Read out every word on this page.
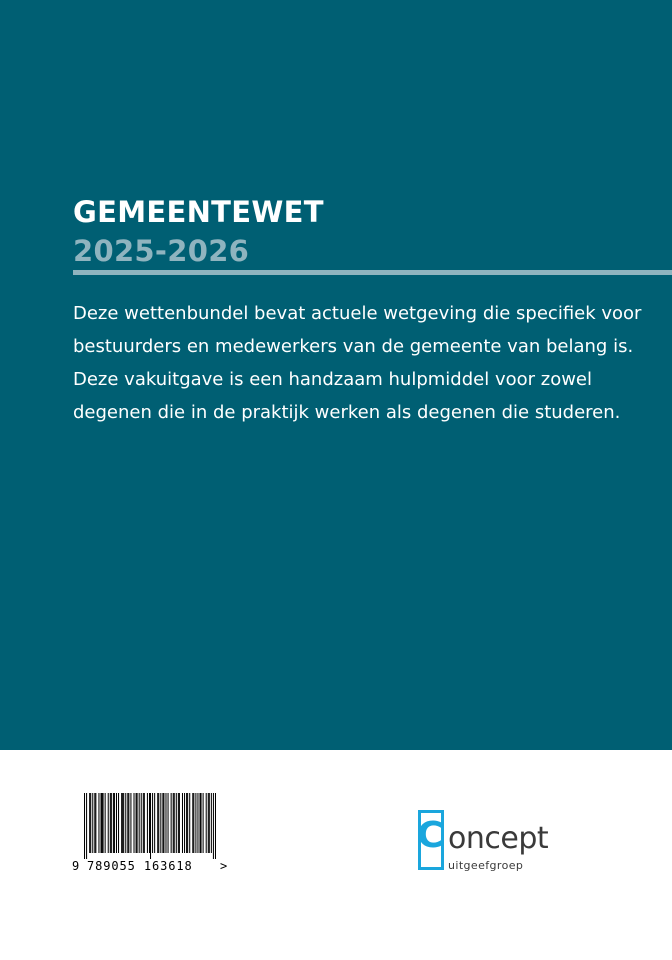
GEMEENTEWET
2025-2026

Deze wettenbundel bevat actuele wetgeving die specifiek voor
bestuurders en medewerkers van de gemeente van belang is.
Deze vakuitgave is een handzaam hulpmiddel voor zowel
degenen die in de praktijk werken als degenen die studeren.

9 789055 163618 >
C oncept
uitgeefgroep
